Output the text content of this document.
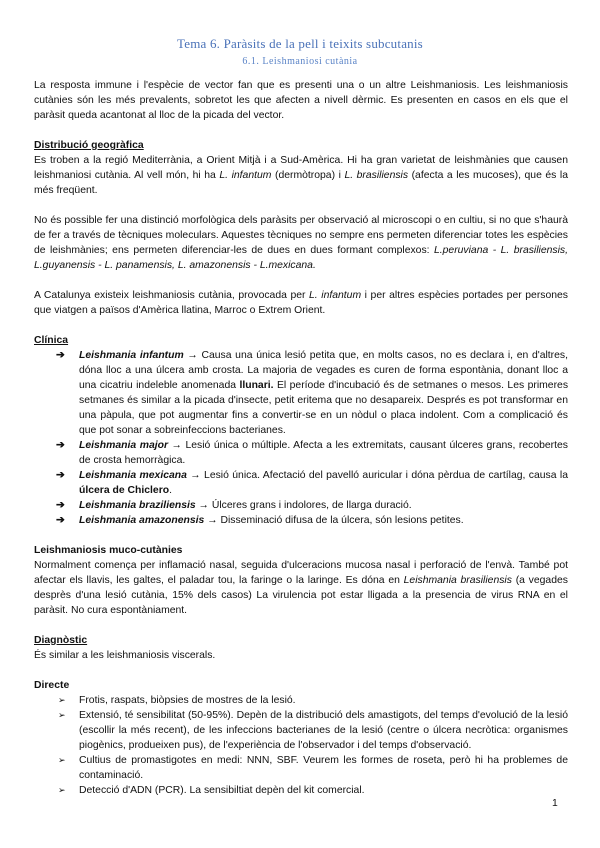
Tema 6. Paràsits de la pell i teixits subcutanis
6.1. Leishmaniosi cutània

La resposta immune i l'espècie de vector fan que es presenti una o un altre Leishmaniosis. Les leishmaniosis cutànies són les més prevalents, sobretot les que afecten a nivell dèrmic. Es presenten en casos en els que el paràsit queda acantonat al lloc de la picada del vector.

Distribució geogràfica

Es troben a la regió Mediterrània, a Orient Mitjà i a Sud-Amèrica. Hi ha gran varietat de leishmànies que causen leishmaniosi cutània. Al vell món, hi ha L. infantum (dermòtropa) i L. brasiliensis (afecta a les mucoses), que és la més freqüent.

No és possible fer una distinció morfològica dels paràsits per observació al microscopi o en cultiu, si no que s'haurà de fer a través de tècniques moleculars. Aquestes tècniques no sempre ens permeten diferenciar totes les espècies de leishmànies; ens permeten diferenciar-les de dues en dues formant complexos: L.peruviana - L. brasiliensis, L.guyanensis - L. panamensis, L. amazonensis - L.mexicana.

A Catalunya existeix leishmaniosis cutània, provocada per L. infantum i per altres espècies portades per persones que viatgen a països d'Amèrica llatina, Marroc o Extrem Orient.

Clínica
➔ Leishmania infantum → Causa una única lesió petita que, en molts casos, no es declara i, en d'altres, dóna lloc a una úlcera amb crosta. La majoria de vegades es curen de forma espontània, donant lloc a una cicatriu indeleble anomenada llunari. El període d'incubació és de setmanes o mesos. Les primeres setmanes és similar a la picada d'insecte, petit eritema que no desapareix. Després es pot transformar en una pàpula, que pot augmentar fins a convertir-se en un nòdul o placa indolent. Com a complicació és que pot sonar a sobreinfeccions bacterianes.
➔ Leishmania major → Lesió única o múltiple. Afecta a les extremitats, causant úlceres grans, recobertes de crosta hemorràgica.
➔ Leishmania mexicana → Lesió única. Afectació del pavelló auricular i dóna pèrdua de cartílag, causa la úlcera de Chiclero.
➔ Leishmania braziliensis → Úlceres grans i indolores, de llarga duració.
➔ Leishmania amazonensis → Disseminació difusa de la úlcera, són lesions petites.
Leishmaniosis muco-cutànies

Normalment comença per inflamació nasal, seguida d'ulceracions mucosa nasal i perforació de l'envà. També pot afectar els llavis, les galtes, el paladar tou, la faringe o la laringe. Es dóna en Leishmania brasiliensis (a vegades desprès d'una lesió cutània, 15% dels casos) La virulencia pot estar lligada a la presencia de virus RNA en el paràsit. No cura espontàniament.

Diagnòstic

És similar a les leishmaniosis viscerals.

Directe
➢ Frotis, raspats, biòpsies de mostres de la lesió.
➢ Extensió, té sensibilitat (50-95%). Depèn de la distribució dels amastigots, del temps d'evolució de la lesió (escollir la més recent), de les infeccions bacterianes de la lesió (centre o úlcera necròtica: organismes piogènics, produeixen pus), de l'experiència de l'observador i del temps d'observació.
➢ Cultius de promastigotes en medi: NNN, SBF. Veurem les formes de roseta, però hi ha problemes de contaminació.
➢ Detecció d'ADN (PCR). La sensibiltiat depèn del kit comercial.
1
